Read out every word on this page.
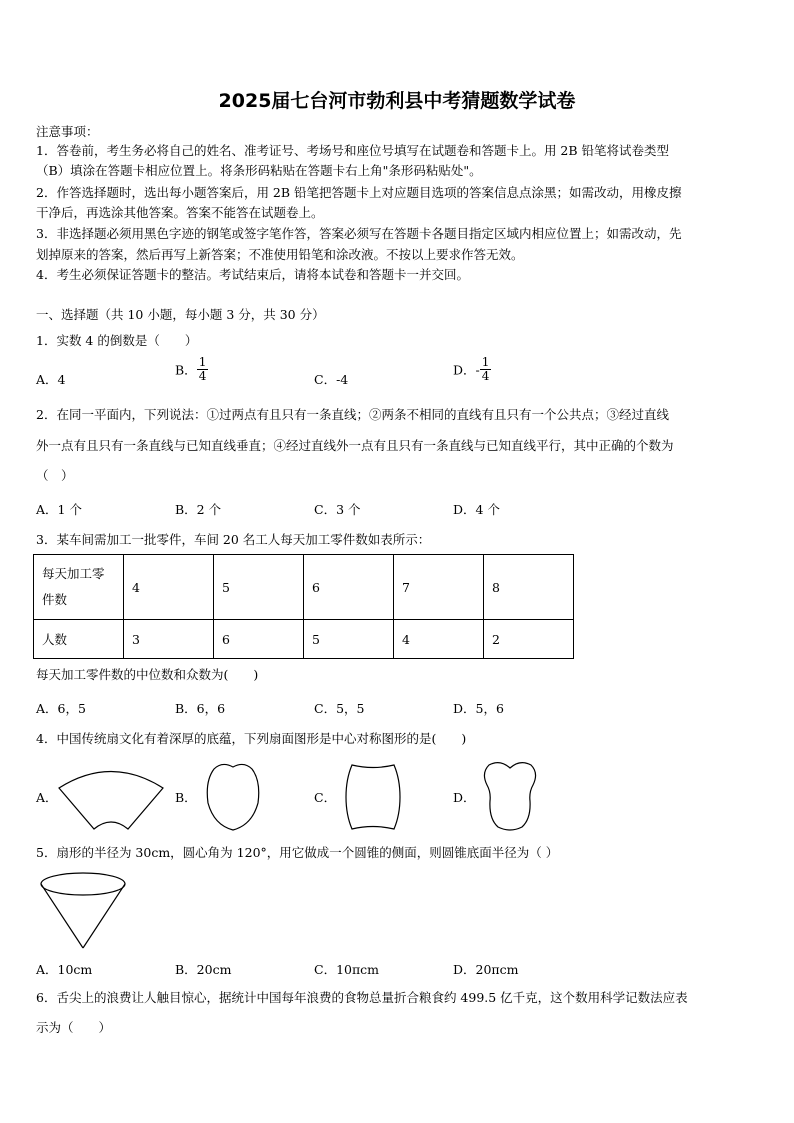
2025届七台河市勃利县中考猜题数学试卷
注意事项：
1．答卷前，考生务必将自己的姓名、准考证号、考场号和座位号填写在试题卷和答题卡上。用 2B 铅笔将试卷类型
（B）填涂在答题卡相应位置上。将条形码粘贴在答题卡右上角"条形码粘贴处"。
2．作答选择题时，选出每小题答案后，用 2B 铅笔把答题卡上对应题目选项的答案信息点涂黑；如需改动，用橡皮擦
干净后，再选涂其他答案。答案不能答在试题卷上。
3．非选择题必须用黑色字迹的钢笔或签字笔作答，答案必须写在答题卡各题目指定区域内相应位置上；如需改动，先
划掉原来的答案，然后再写上新答案；不准使用铅笔和涂改液。不按以上要求作答无效。
4．考生必须保证答题卡的整洁。考试结束后，请将本试卷和答题卡一并交回。
一、选择题（共 10 小题，每小题 3 分，共 30 分）
1．实数 4 的倒数是（　　）
A．4
B． $\frac{1}{4}$	C．-4
D．- $\frac{1}{4}$
2．在同一平面内，下列说法：①过两点有且只有一条直线；②两条不相同的直线有且只有一个公共点；③经过直线
外一点有且只有一条直线与已知直线垂直；④经过直线外一点有且只有一条直线与已知直线平行，其中正确的个数为
（　）
A．1 个	B．2 个	C．3 个	D．4 个
3．某车间需加工一批零件，车间 20 名工人每天加工零件数如表所示：
每天加工零
件数	4	5	6	7	8
人数	3	6	5	4	2
每天加工零件数的中位数和众数为(　　)
A．6，5	B．6，6	C．5，5	D．5，6
4．中国传统扇文化有着深厚的底蕴，下列扇面图形是中心对称图形的是(　　)
A．	B．	C．	D．
5．扇形的半径为 30cm，圆心角为 120°，用它做成一个圆锥的侧面，则圆锥底面半径为（ ）
A．10cm	B．20cm	C．10πcm	D．20πcm
6．舌尖上的浪费让人触目惊心，据统计中国每年浪费的食物总量折合粮食约 499.5 亿千克，这个数用科学记数法应表
示为（　　）
